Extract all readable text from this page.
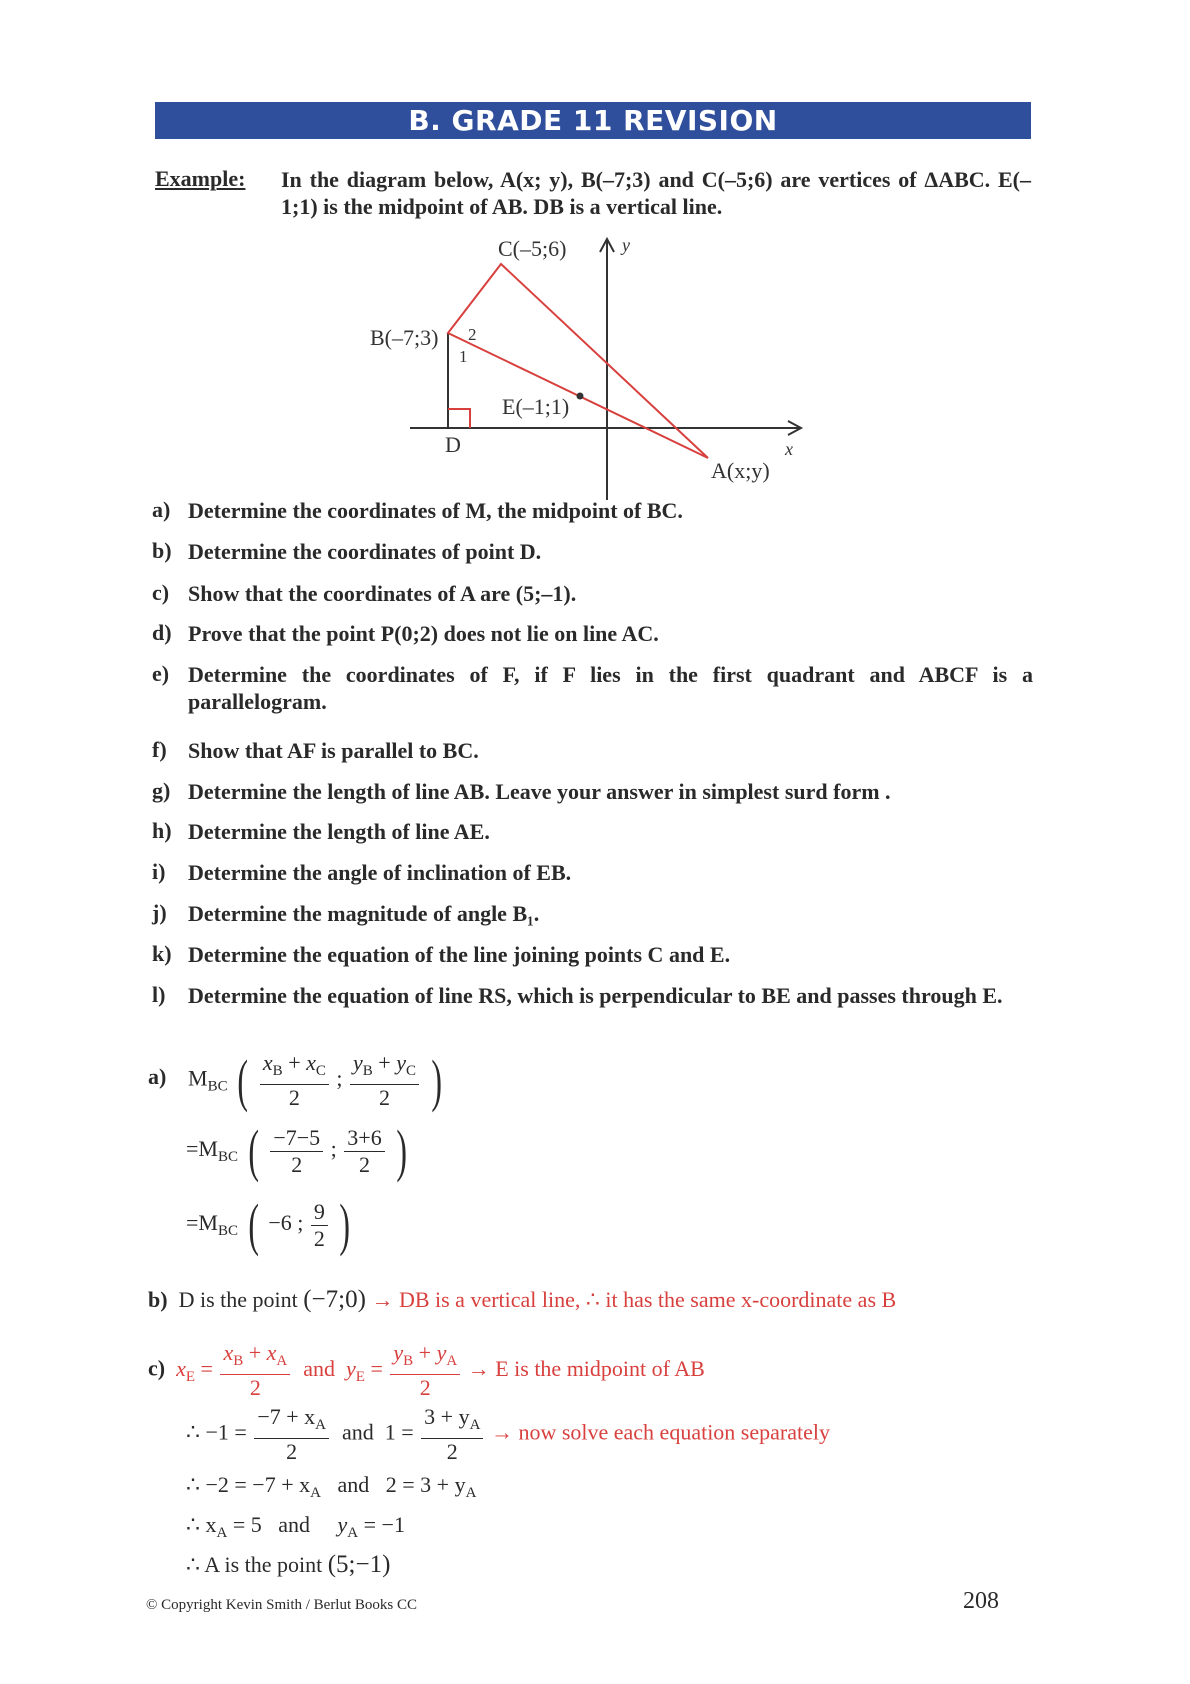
B. GRADE 11 REVISION
Example: In the diagram below, A(x; y), B(–7;3) and C(–5;6) are vertices of ΔABC. E(–1;1) is the midpoint of AB. DB is a vertical line.
C(–5;6)	y
B(–7;3) 2
1
E(–1;1)
D	x
A(x;y)
a) Determine the coordinates of M, the midpoint of BC.
b) Determine the coordinates of point D.
c) Show that the coordinates of A are (5;–1).
d) Prove that the point P(0;2) does not lie on line AC.
e) Determine the coordinates of F, if F lies in the first quadrant and ABCF is a parallelogram.
f) Show that AF is parallel to BC.
g) Determine the length of line AB. Leave your answer in simplest surd form .
h) Determine the length of line AE.
i) Determine the angle of inclination of EB.
j) Determine the magnitude of angle B₁.
k) Determine the equation of the line joining points C and E.
l) Determine the equation of line RS, which is perpendicular to BE and passes through E.
a) $M_{BC}$ ( $\frac{x_B + x_C}{2}$ ; $\frac{y_B + y_C}{2}$ )
$=M_{BC}$ ( $\frac{-7-5}{2}$ ; $\frac{3+6}{2}$ )
$=M_{BC}$ ( −6 ; $\frac{9}{2}$ )
b) D is the point (−7;0) → DB is a vertical line, ∴ it has the same x-coordinate as B
c) $x_E = \frac{x_B + x_A}{2}$ and $y_E = \frac{y_B + y_A}{2} \to E$ is the midpoint of AB
∴ $-1 = \frac{-7 + x_A}{2}$ and $1 = \frac{3 + y_A}{2}$ → now solve each equation separately
∴ $-2 = -7 + x_A$ and $2 = 3 + y_A$
∴ $x_A = 5$ and $y_A = -1$
∴ A is the point (5;−1)
© Copyright Kevin Smith / Berlut Books CC	208
